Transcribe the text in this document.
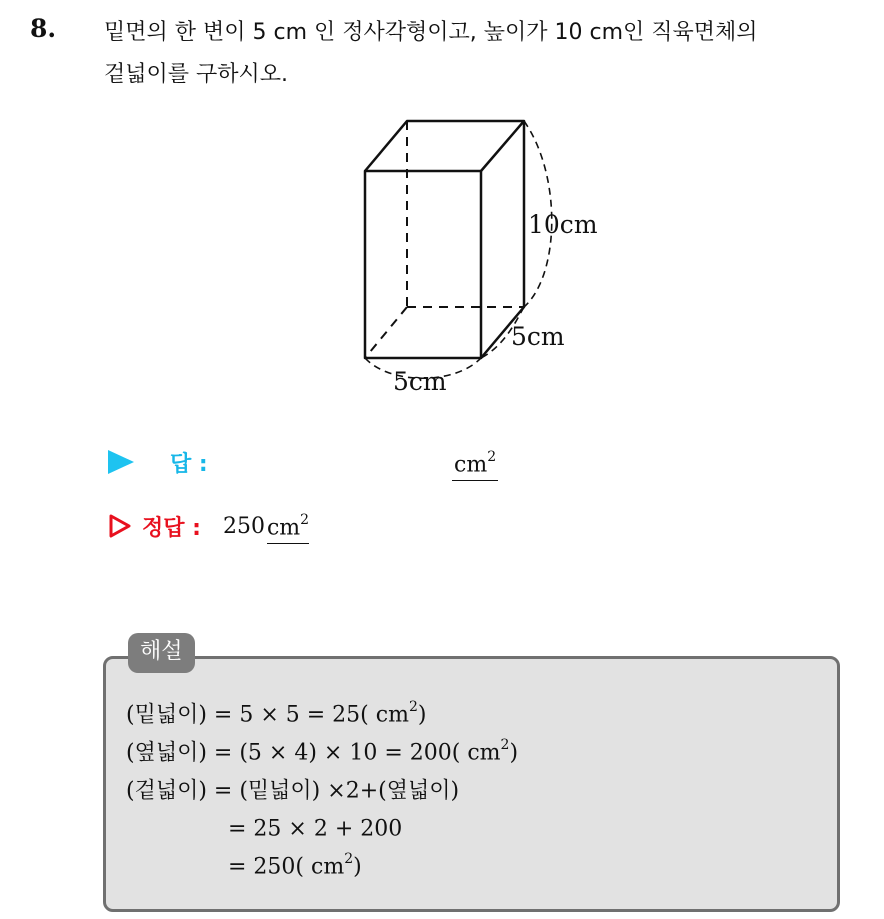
8. 밑면의 한 변이 5 cm 인 정사각형이고, 높이가 10 cm인 직육면체의
겉넓이를 구하시오.
10cm
5cm
5cm
답 :	$cm^2$
정답 : 250 $cm^2$
해설
(밑넓이) = 5 × 5 = 25( $cm^2$)
(옆넓이) = (5 × 4) × 10 = 200( $cm^2$)
(겉넓이) = (밑넓이) ×2+(옆넓이)
= 25 × 2 + 200
= 250( $cm^2$)
